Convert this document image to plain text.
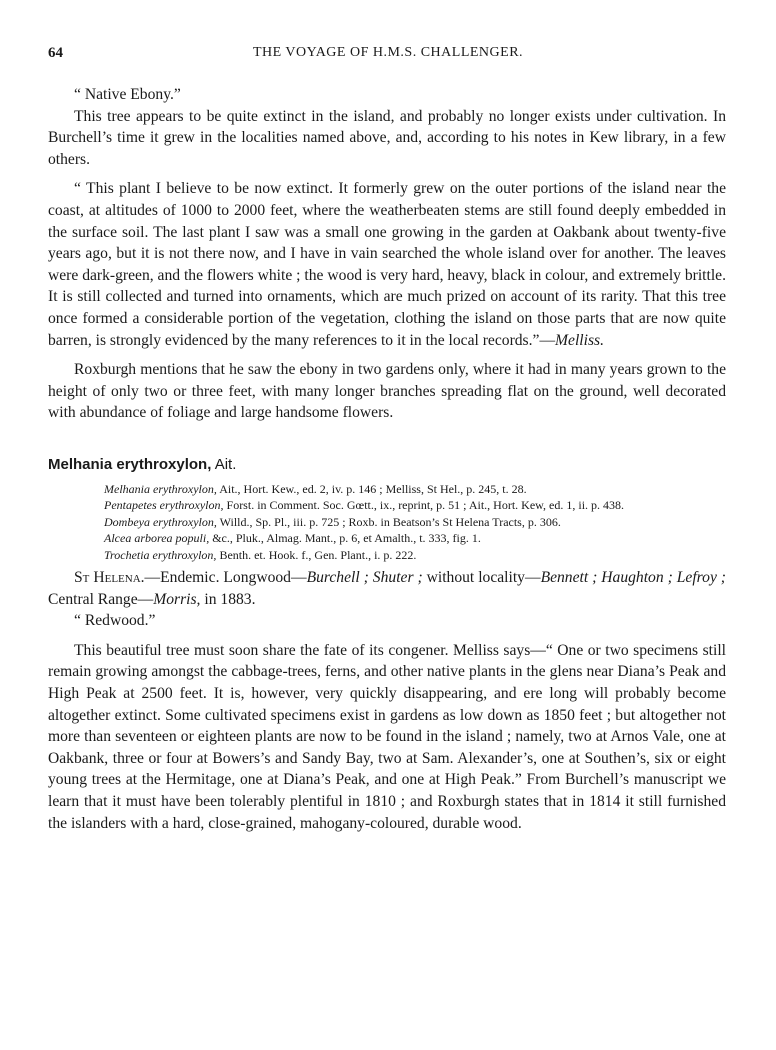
64	THE VOYAGE OF H.M.S. CHALLENGER.

“ Native Ebony.”

This tree appears to be quite extinct in the island, and probably no longer exists under cultivation. In Burchell’s time it grew in the localities named above, and, according to his notes in Kew library, in a few others.

“ This plant I believe to be now extinct. It formerly grew on the outer portions of the island near the coast, at altitudes of 1000 to 2000 feet, where the weatherbeaten stems are still found deeply embedded in the surface soil. The last plant I saw was a small one growing in the garden at Oakbank about twenty-five years ago, but it is not there now, and I have in vain searched the whole island over for another. The leaves were dark-green, and the flowers white ; the wood is very hard, heavy, black in colour, and extremely brittle. It is still collected and turned into ornaments, which are much prized on account of its rarity. That this tree once formed a considerable portion of the vegetation, clothing the island on those parts that are now quite barren, is strongly evidenced by the many references to it in the local records.”—Melliss.

Roxburgh mentions that he saw the ebony in two gardens only, where it had in many years grown to the height of only two or three feet, with many longer branches spreading flat on the ground, well decorated with abundance of foliage and large handsome flowers.

Melhania erythroxylon, Ait.

Melhania erythroxylon, Ait., Hort. Kew., ed. 2, iv. p. 146 ; Melliss, St Hel., p. 245, t. 28.
Pentapetes erythroxylon, Forst. in Comment. Soc. Gœtt., ix., reprint, p. 51 ; Ait., Hort. Kew, ed. 1, ii. p. 438.
Dombeya erythroxylon, Willd., Sp. Pl., iii. p. 725 ; Roxb. in Beatson’s St Helena Tracts, p. 306.
Alcea arborea populi, &c., Pluk., Almag. Mant., p. 6, et Amalth., t. 333, fig. 1.
Trochetia erythroxylon, Benth. et. Hook. f., Gen. Plant., i. p. 222.

St Helena.—Endemic. Longwood—Burchell ; Shuter ; without locality—Bennett ; Haughton ; Lefroy ; Central Range—Morris, in 1883.

“ Redwood.”

This beautiful tree must soon share the fate of its congener. Melliss says—“ One or two specimens still remain growing amongst the cabbage-trees, ferns, and other native plants in the glens near Diana’s Peak and High Peak at 2500 feet. It is, however, very quickly disappearing, and ere long will probably become altogether extinct. Some cultivated specimens exist in gardens as low down as 1850 feet ; but altogether not more than seventeen or eighteen plants are now to be found in the island ; namely, two at Arnos Vale, one at Oakbank, three or four at Bowers’s and Sandy Bay, two at Sam. Alexander’s, one at Southen’s, six or eight young trees at the Hermitage, one at Diana’s Peak, and one at High Peak.” From Burchell’s manuscript we learn that it must have been tolerably plentiful in 1810 ; and Roxburgh states that in 1814 it still furnished the islanders with a hard, close-grained, mahogany-coloured, durable wood.
